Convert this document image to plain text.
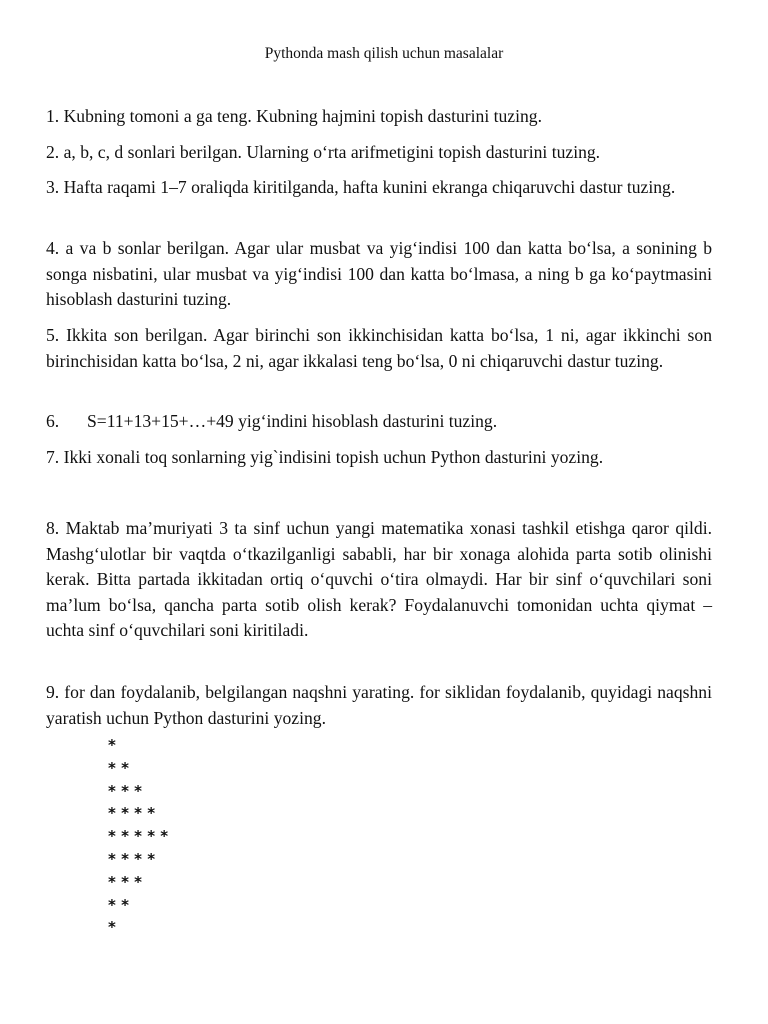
Pythonda mash qilish uchun masalalar

1. Kubning tomoni a ga teng. Kubning hajmini topish dasturini tuzing.

2. a, b, c, d sonlari berilgan. Ularning o‘rta arifmetigini topish dasturini tuzing.

3. Hafta raqami 1–7 oraliqda kiritilganda, hafta kunini ekranga chiqaruvchi dastur tuzing.

4. a va b sonlar berilgan. Agar ular musbat va yig‘indisi 100 dan katta bo‘lsa, a sonining b songa nisbatini, ular musbat va yig‘indisi 100 dan katta bo‘lmasa, a ning b ga ko‘paytmasini hisoblash dasturini tuzing.

5. Ikkita son berilgan. Agar birinchi son ikkinchisidan katta bo‘lsa, 1 ni, agar ikkinchi son birinchisidan katta bo‘lsa, 2 ni, agar ikkalasi teng bo‘lsa, 0 ni chiqaruvchi dastur tuzing.

6. S=11+13+15+…+49 yig‘indini hisoblash dasturini tuzing.

7. Ikki xonali toq sonlarning yig`indisini topish uchun Python dasturini yozing.

8. Maktab ma’muriyati 3 ta sinf uchun yangi matematika xonasi tashkil etishga qaror qildi. Mashg‘ulotlar bir vaqtda o‘tkazilganligi sababli, har bir xonaga alohida parta sotib olinishi kerak. Bitta partada ikkitadan ortiq o‘quvchi o‘tira olmaydi. Har bir sinf o‘quvchilari soni ma’lum bo‘lsa, qancha parta sotib olish kerak? Foydalanuvchi tomonidan uchta qiymat – uchta sinf o‘quvchilari soni kiritiladi.

9. for dan foydalanib, belgilangan naqshni yarating. for siklidan foydalanib, quyidagi naqshni yaratish uchun Python dasturini yozing.

*
* *
* * *
* * * *
* * * * *
* * * *
* * *
* *
*
